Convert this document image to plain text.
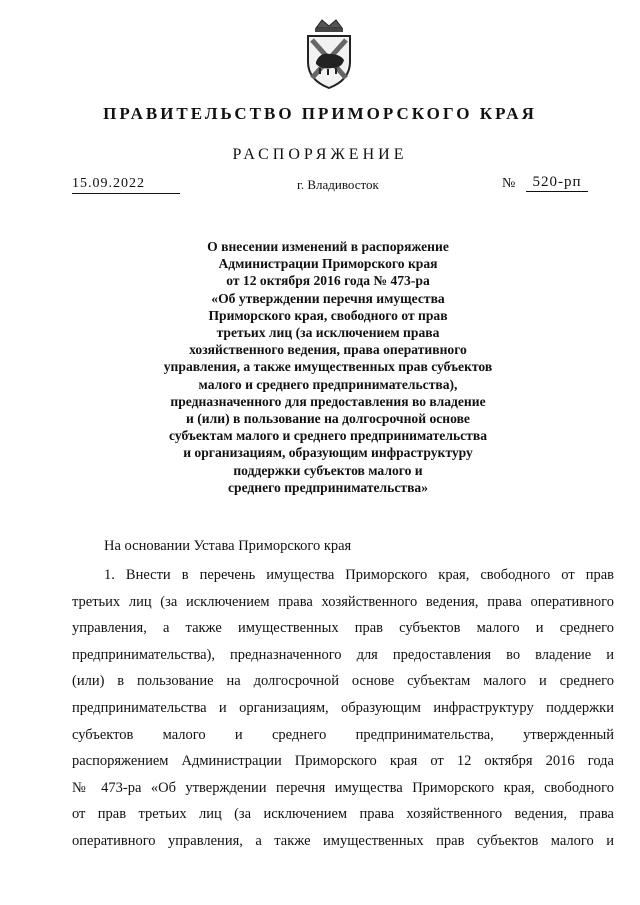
ПРАВИТЕЛЬСТВО ПРИМОРСКОГО КРАЯ
РАСПОРЯЖЕНИЕ
15.09.2022	г. Владивосток	№	520-рп
О внесении изменений в распоряжение
Администрации Приморского края
от 12 октября 2016 года № 473-ра
«Об утверждении перечня имущества
Приморского края, свободного от прав
третьих лиц (за исключением права
хозяйственного ведения, права оперативного
управления, а также имущественных прав субъектов
малого и среднего предпринимательства),
предназначенного для предоставления во владение
и (или) в пользование на долгосрочной основе
субъектам малого и среднего предпринимательства
и организациям, образующим инфраструктуру
поддержки субъектов малого и
среднего предпринимательства»
На основании Устава Приморского края
1. Внести в перечень имущества Приморского края, свободного от прав
третьих лиц (за исключением права хозяйственного ведения, права оперативного
управления, а также имущественных прав субъектов малого и среднего
предпринимательства), предназначенного для предоставления во владение и
(или) в пользование на долгосрочной основе субъектам малого и среднего
предпринимательства и организациям, образующим инфраструктуру поддержки
субъектов малого и среднего предпринимательства, утвержденный
распоряжением Администрации Приморского края от 12 октября 2016 года
№ 473-ра «Об утверждении перечня имущества Приморского края, свободного
от прав третьих лиц (за исключением права хозяйственного ведения, права
оперативного управления, а также имущественных прав субъектов малого и
